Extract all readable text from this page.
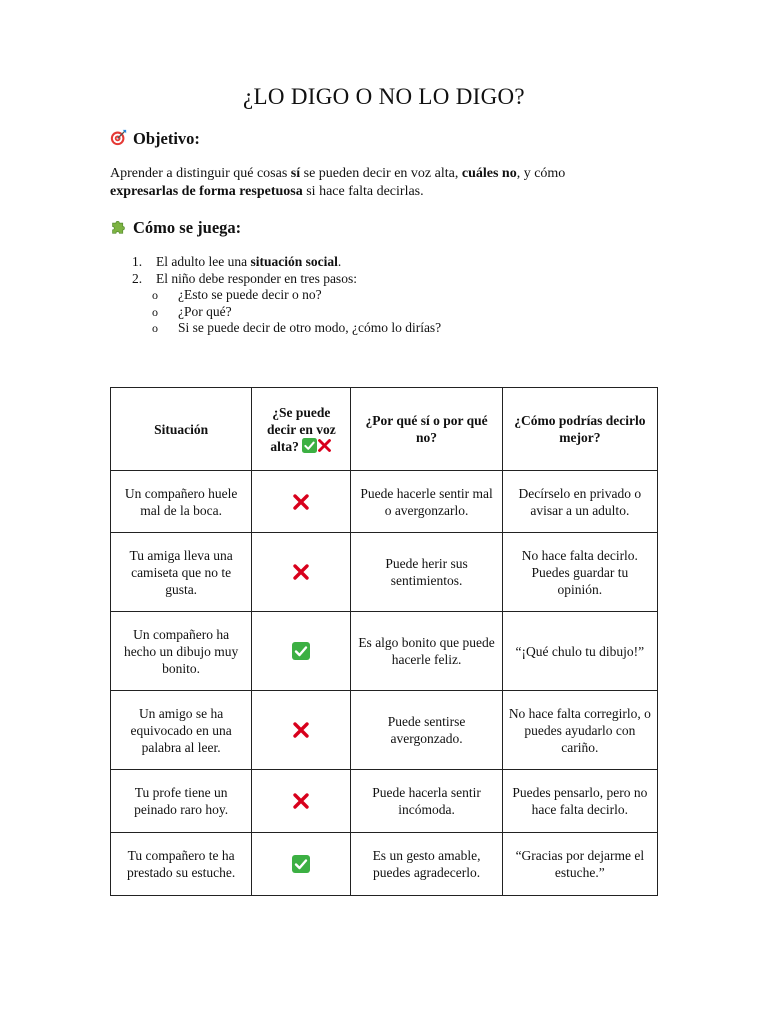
¿LO DIGO O NO LO DIGO?
Objetivo:
Aprender a distinguir qué cosas sí se pueden decir en voz alta, cuáles no, y cómo expresarlas de forma respetuosa si hace falta decirlas.
Cómo se juega:
1. El adulto lee una situación social.
2. El niño debe responder en tres pasos:
o ¿Esto se puede decir o no?
o ¿Por qué?
o Si se puede decir de otro modo, ¿cómo lo dirías?
Situación	¿Se puede decir en voz alta?	¿Por qué sí o por qué no?	¿Cómo podrías decirlo mejor?
Un compañero huele mal de la boca.		Puede hacerle sentir mal o avergonzarlo.	Decírselo en privado o avisar a un adulto.
Tu amiga lleva una camiseta que no te gusta.		Puede herir sus sentimientos.	No hace falta decirlo. Puedes guardar tu opinión.
Un compañero ha hecho un dibujo muy bonito.		Es algo bonito que puede hacerle feliz.	“¡Qué chulo tu dibujo!”
Un amigo se ha equivocado en una palabra al leer.		Puede sentirse avergonzado.	No hace falta corregirlo, o puedes ayudarlo con cariño.
Tu profe tiene un peinado raro hoy.		Puede hacerla sentir incómoda.	Puedes pensarlo, pero no hace falta decirlo.
Tu compañero te ha prestado su estuche.		Es un gesto amable, puedes agradecerlo.	“Gracias por dejarme el estuche.”
